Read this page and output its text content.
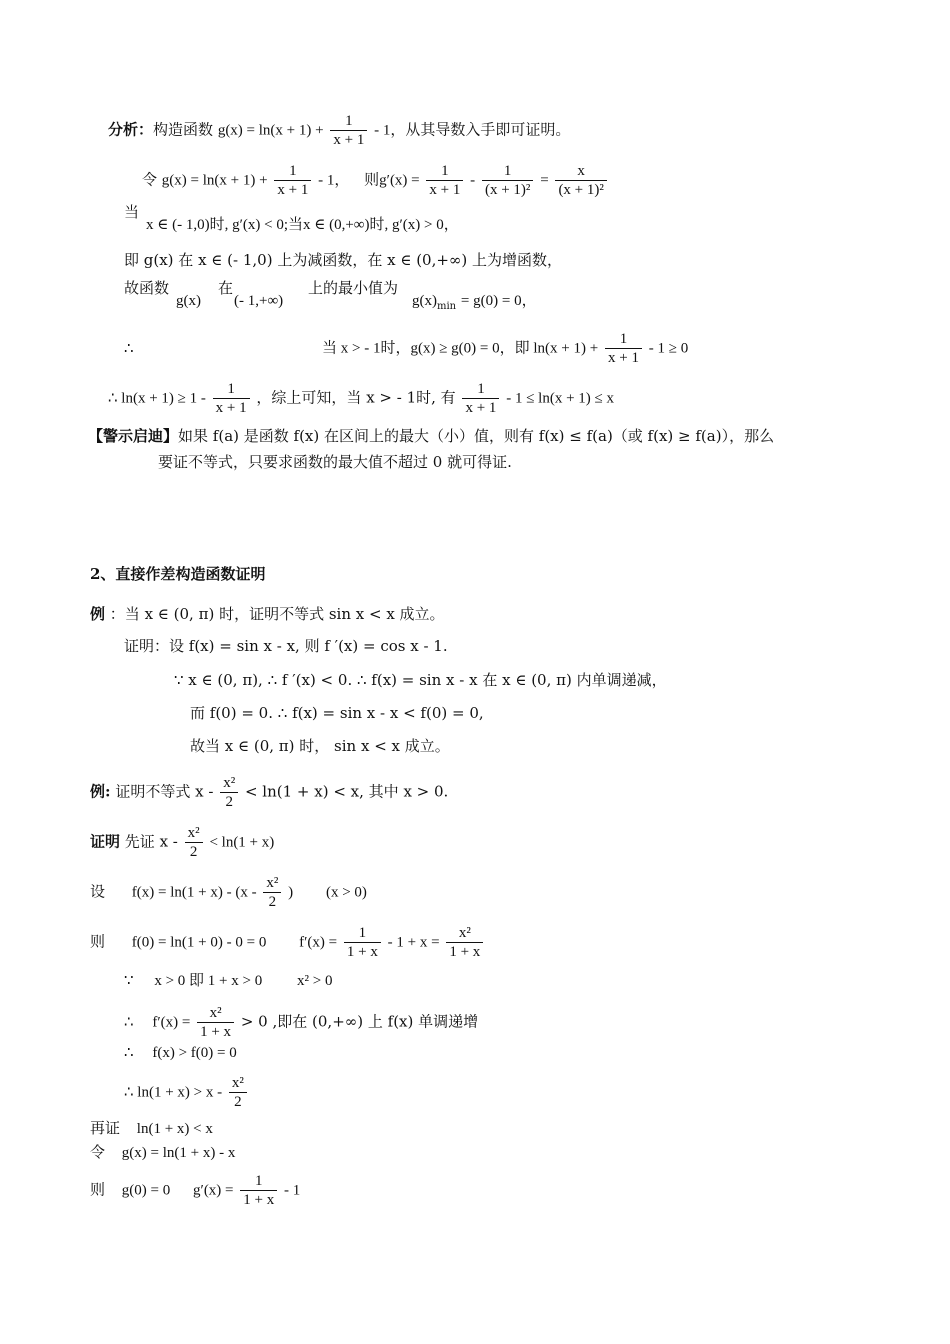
分析：构造函数 $g(x) = \ln(x + 1) + \frac{1}{x + 1} - 1$，从其导数入手即可证明。
令 $g(x) = \ln(x + 1) + \frac{1}{x + 1} - 1$， 则$g'(x) = \frac{1}{x + 1} - \frac{1}{\text{(x + 1)²}} = \frac{x}{\text{(x + 1)²}}$
当
x ∈ (- 1,0)时, g′(x) < 0;当x ∈ (0,+∞)时, g′(x) > 0，
即 g(x) 在 x ∈ (- 1,0) 上为减函数，在 x ∈ (0,+∞) 上为增函数，
故函数
g(x)
在
(- 1,+∞)
上的最小值为
$g(x)_{min} = g(0) = 0$，
∴	当 x > - 1时，g(x) ≥ g(0) = 0，即 $\ln(x + 1) + \frac{1}{x + 1} - 1 \ge 0$
∴ $\ln(x + 1) \ge 1 - \frac{1}{x + 1}$ ，综上可知，当 x > - 1时, 有 $\frac{1}{x + 1} - 1 \le \ln(x + 1) \le x$
【警示启迪】如果 f(a) 是函数 f(x) 在区间上的最大（小）值，则有 f(x) ≤ f(a)（或 f(x) ≥ f(a)），那么
要证不等式，只要求函数的最大值不超过 0 就可得证.
2、直接作差构造函数证明
例 ：当 x ∈ (0, π) 时，证明不等式 sin x < x 成立。
证明：设 f(x) = sin x - x, 则 f ′(x) = cos x - 1.
∵ x ∈ (0, π), ∴ f ′(x) < 0. ∴ f(x) = sin x - x 在 x ∈ (0, π) 内单调递减，
而 f(0) = 0. ∴ f(x) = sin x - x < f(0) = 0,
故当 x ∈ (0, π) 时， sin x < x 成立。
例: 证明不等式 $x - \frac{\text{x²}}{2} < \ln(1 + x) < x$, 其中 x > 0.
证明 先证 $x - \frac{\text{x²}}{2} < \ln(1 + x)$
设 $f(x) = \ln(1 + x) - (x - \frac{\text{x²}}{2}$ ) (x > 0)
则 f(0) = ln(1 + 0) - 0 = 0 $f'(x) = \frac{1}{1 + x} - 1 + x = \frac{\text{x²}}{1 + x}$
∵ x > 0 即 1 + x > 0 x² > 0
∴ $f'(x) = \frac{\text{x²}}{1 + x} > 0$ ,即在 (0,+∞) 上 f(x) 单调递增
∴ f(x) > f(0) = 0
∴ $\ln(1 + x) > x - \frac{\text{x²}}{2}$
再证 ln(1 + x) < x
令 g(x) = ln(1 + x) - x
则 g(0) = 0 $g'(x) = \frac{1}{1 + x} - 1$
